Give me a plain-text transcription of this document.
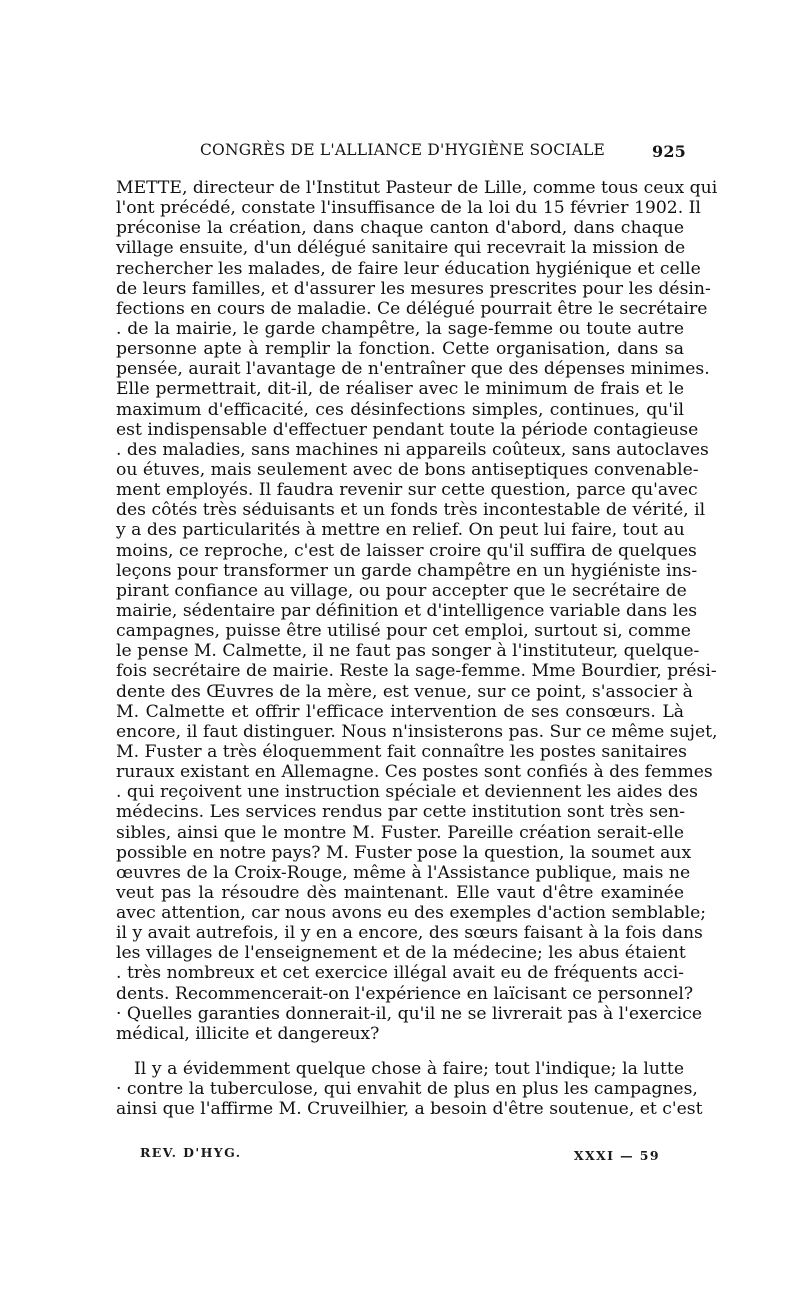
CONGRÈS DE L'ALLIANCE D'HYGIÈNE SOCIALE	925
METTE, directeur de l'Institut Pasteur de Lille, comme tous ceux qui
l'ont précédé, constate l'insuffisance de la loi du 15 février 1902. Il
préconise la création, dans chaque canton d'abord, dans chaque
village ensuite, d'un délégué sanitaire qui recevrait la mission de
rechercher les malades, de faire leur éducation hygiénique et celle
de leurs familles, et d'assurer les mesures prescrites pour les désin-
fections en cours de maladie. Ce délégué pourrait être le secrétaire
. de la mairie, le garde champêtre, la sage-femme ou toute autre
personne apte à remplir la fonction. Cette organisation, dans sa
pensée, aurait l'avantage de n'entraîner que des dépenses minimes.
Elle permettrait, dit-il, de réaliser avec le minimum de frais et le
maximum d'efficacité, ces désinfections simples, continues, qu'il
est indispensable d'effectuer pendant toute la période contagieuse
. des maladies, sans machines ni appareils coûteux, sans autoclaves
ou étuves, mais seulement avec de bons antiseptiques convenable-
ment employés. Il faudra revenir sur cette question, parce qu'avec
des côtés très séduisants et un fonds très incontestable de vérité, il
y a des particularités à mettre en relief. On peut lui faire, tout au
moins, ce reproche, c'est de laisser croire qu'il suffira de quelques
leçons pour transformer un garde champêtre en un hygiéniste ins-
pirant confiance au village, ou pour accepter que le secrétaire de
mairie, sédentaire par définition et d'intelligence variable dans les
campagnes, puisse être utilisé pour cet emploi, surtout si, comme
le pense M. Calmette, il ne faut pas songer à l'instituteur, quelque-
fois secrétaire de mairie. Reste la sage-femme. Mme Bourdier, prési-
dente des Œuvres de la mère, est venue, sur ce point, s'associer à
M. Calmette et offrir l'efficace intervention de ses consœurs. Là
encore, il faut distinguer. Nous n'insisterons pas. Sur ce même sujet,
M. Fuster a très éloquemment fait connaître les postes sanitaires
ruraux existant en Allemagne. Ces postes sont confiés à des femmes
. qui reçoivent une instruction spéciale et deviennent les aides des
médecins. Les services rendus par cette institution sont très sen-
sibles, ainsi que le montre M. Fuster. Pareille création serait-elle
possible en notre pays? M. Fuster pose la question, la soumet aux
œuvres de la Croix-Rouge, même à l'Assistance publique, mais ne
veut pas la résoudre dès maintenant. Elle vaut d'être examinée
avec attention, car nous avons eu des exemples d'action semblable;
il y avait autrefois, il y en a encore, des sœurs faisant à la fois dans
les villages de l'enseignement et de la médecine; les abus étaient
. très nombreux et cet exercice illégal avait eu de fréquents acci-
dents. Recommencerait-on l'expérience en laïcisant ce personnel?
· Quelles garanties donnerait-il, qu'il ne se livrerait pas à l'exercice
médical, illicite et dangereux?
Il y a évidemment quelque chose à faire; tout l'indique; la lutte
· contre la tuberculose, qui envahit de plus en plus les campagnes,
ainsi que l'affirme M. Cruveilhier, a besoin d'être soutenue, et c'est
REV. D'HYG.	XXXI — 59
